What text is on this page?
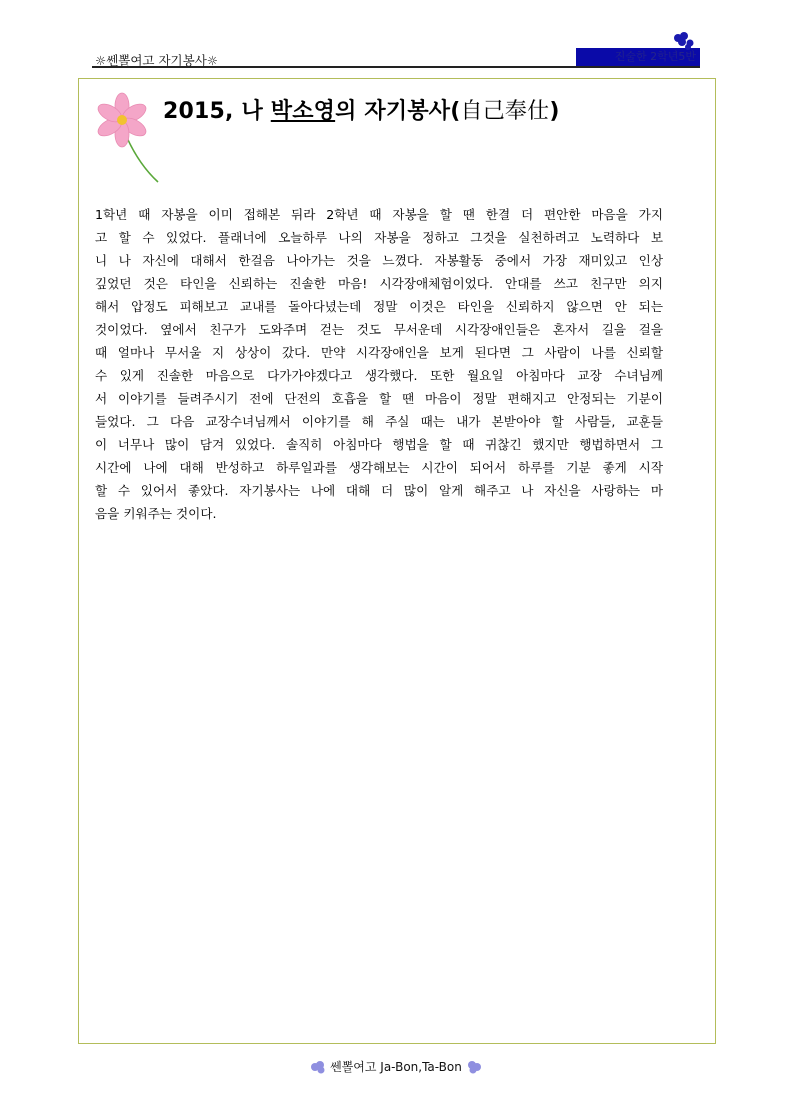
☼쎈뽈여고 자기봉사☼	진술한 2학년5반
2015, 나 박소영의 자기봉사(自己奉仕)
1학년 때 자봉을 이미 접해본 뒤라 2학년 때 자봉을 할 땐 한결 더 편안한 마음을 가지
고 할 수 있었다. 플래너에 오늘하루 나의 자봉을 정하고 그것을 실천하려고 노력하다 보
니 나 자신에 대해서 한걸음 나아가는 것을 느꼈다. 자봉활동 중에서 가장 재미있고 인상
깊었던 것은 타인을 신뢰하는 진솔한 마음! 시각장애체험이었다. 안대를 쓰고 친구만 의지
해서 압정도 피해보고 교내를 돌아다녔는데 정말 이것은 타인을 신뢰하지 않으면 안 되는
것이었다. 옆에서 친구가 도와주며 걷는 것도 무서운데 시각장애인들은 혼자서 길을 걸을
때 얼마나 무서울 지 상상이 갔다. 만약 시각장애인을 보게 된다면 그 사람이 나를 신뢰할
수 있게 진솔한 마음으로 다가가야겠다고 생각했다. 또한 월요일 아침마다 교장 수녀님께
서 이야기를 들려주시기 전에 단전의 호흡을 할 땐 마음이 정말 편해지고 안정되는 기분이
들었다. 그 다음 교장수녀님께서 이야기를 해 주실 때는 내가 본받아야 할 사람들, 교훈들
이 너무나 많이 담겨 있었다. 솔직히 아침마다 행법을 할 때 귀찮긴 했지만 행법하면서 그
시간에 나에 대해 반성하고 하루일과를 생각해보는 시간이 되어서 하루를 기분 좋게 시작
할 수 있어서 좋았다. 자기봉사는 나에 대해 더 많이 알게 해주고 나 자신을 사랑하는 마
음을 키워주는 것이다.
쎈뽈여고 Ja-Bon,Ta-Bon
